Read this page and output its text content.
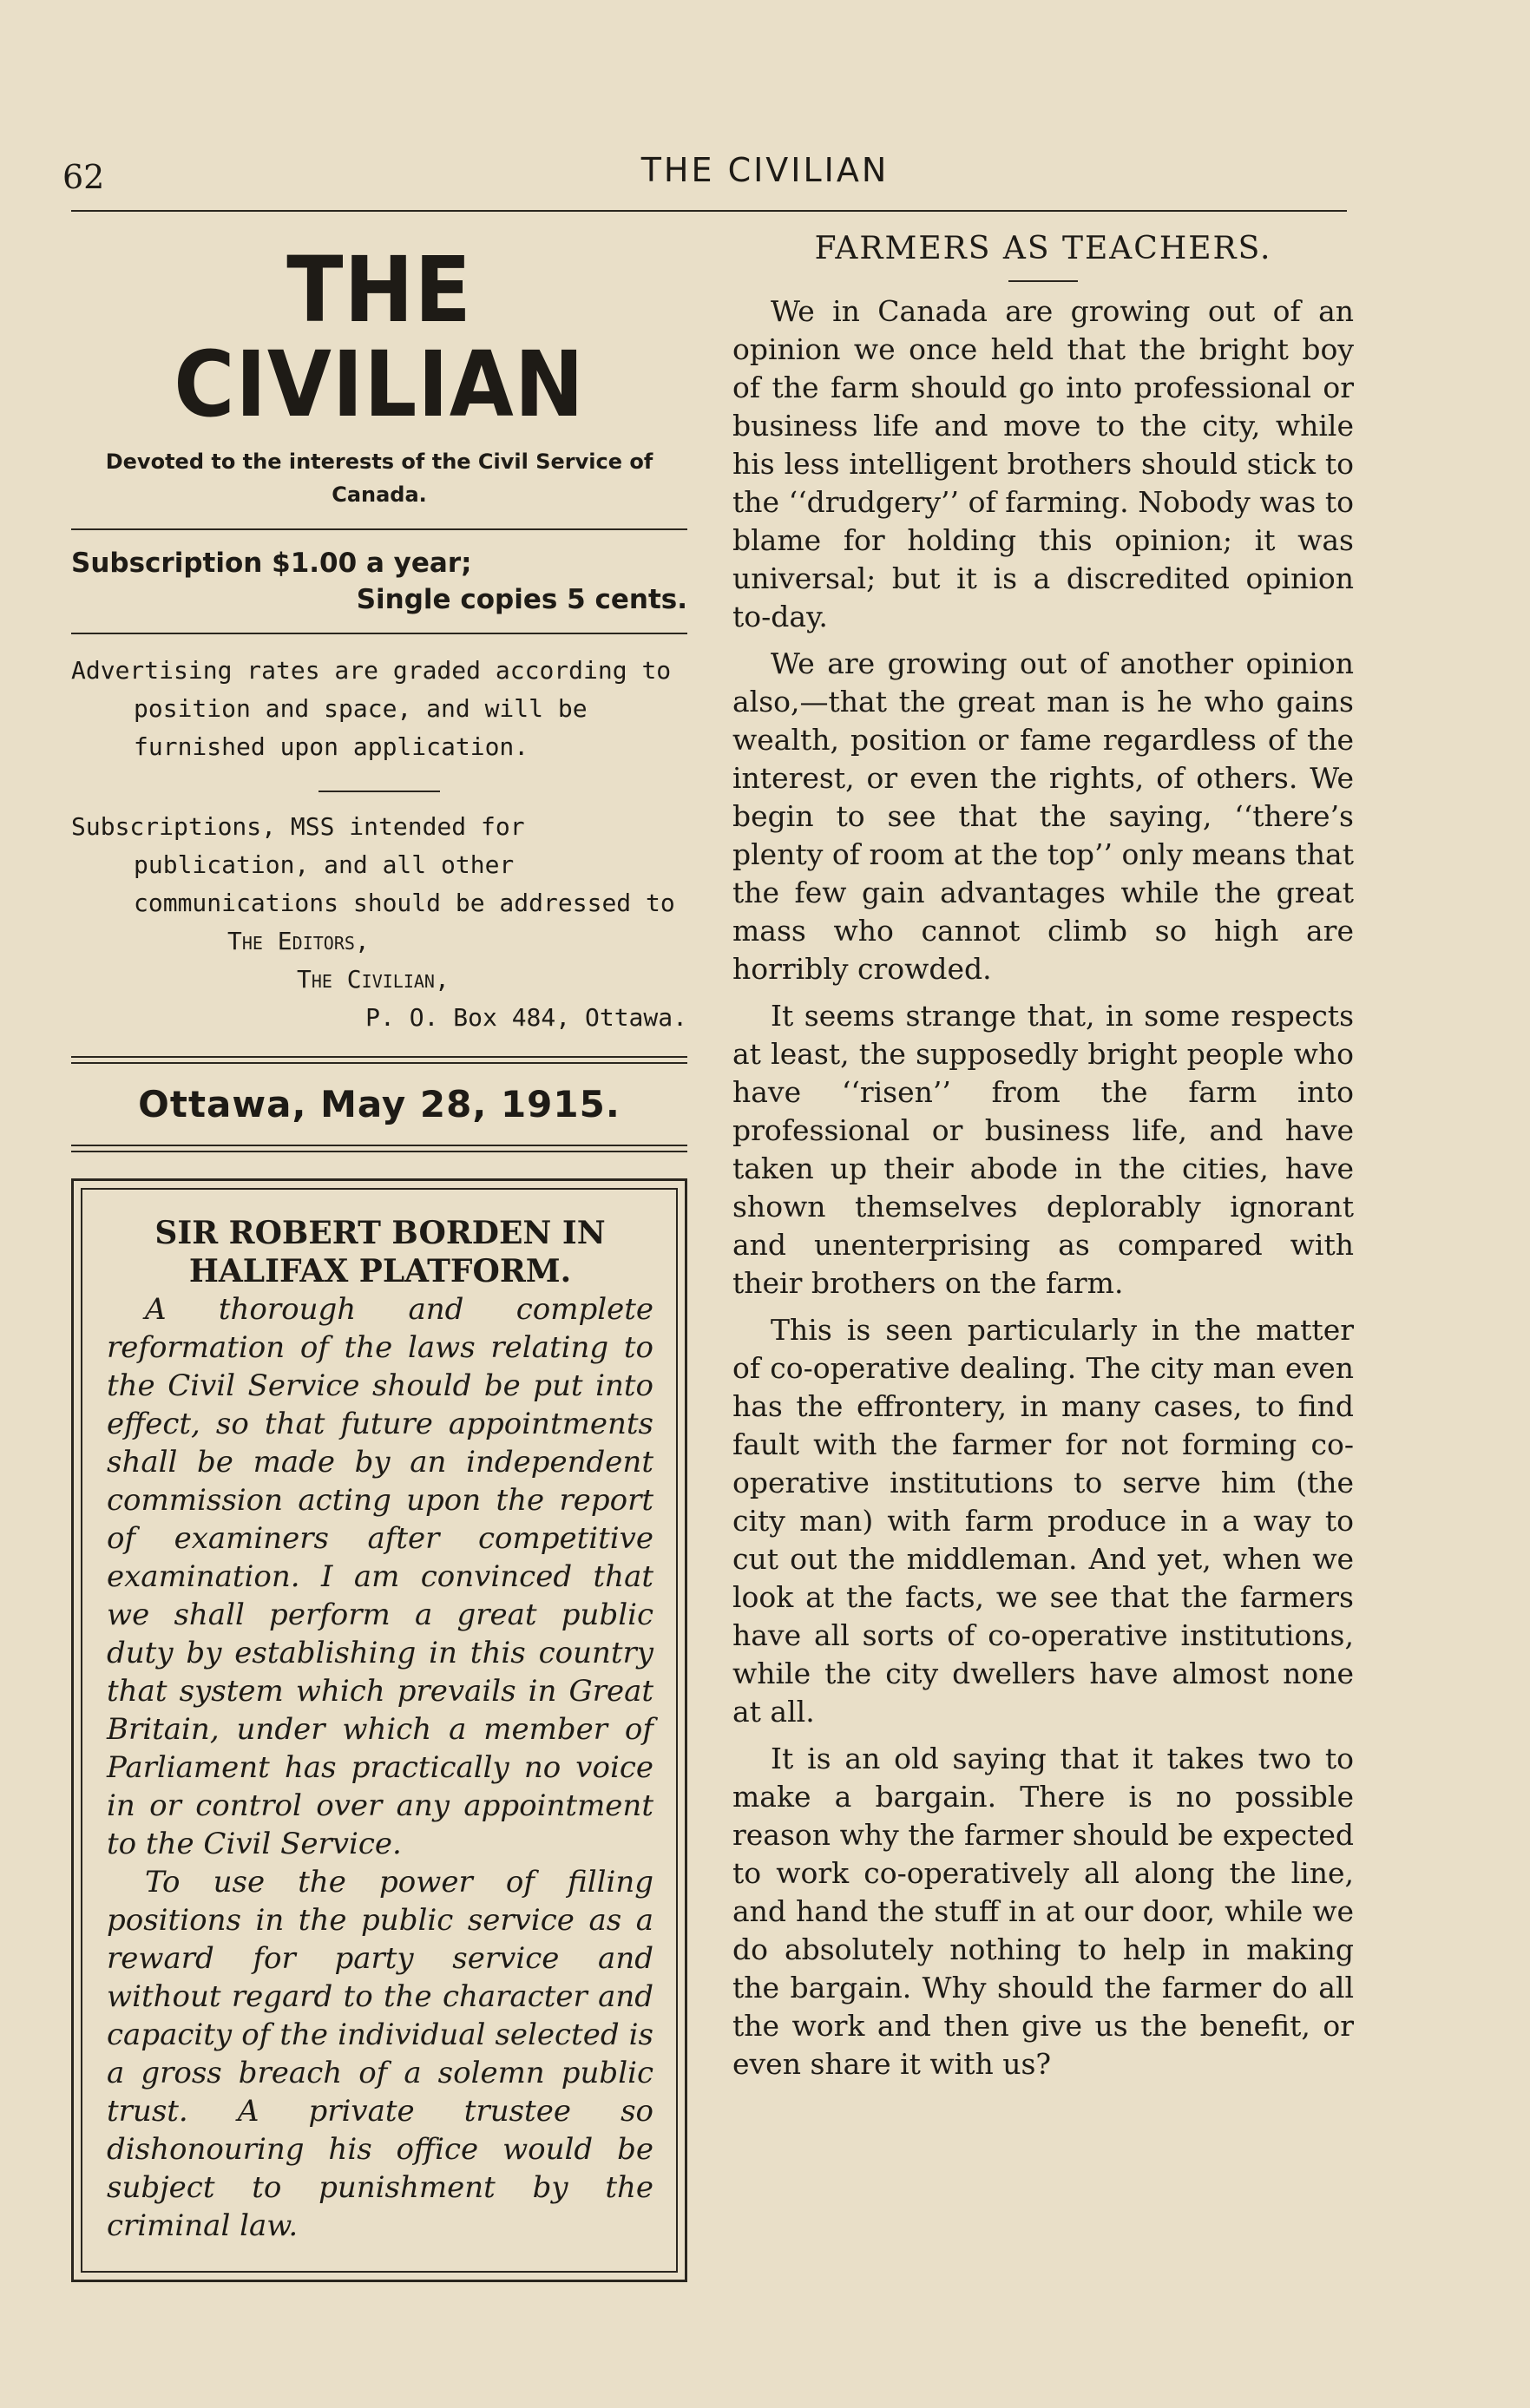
62	THE CIVILIAN
THE CIVILIAN
Devoted to the interests of the Civil Service of Canada.
Subscription $1.00 a year;
Single copies 5 cents.
Advertising rates are graded according to position and space, and will be furnished upon application.
Subscriptions, MSS intended for publication, and all other communications should be addressed to
The Editors,
The Civilian,
P. O. Box 484, Ottawa.
Ottawa, May 28, 1915.
SIR ROBERT BORDEN IN HALIFAX PLATFORM.

A thorough and complete reformation of the laws relating to the Civil Service should be put into effect, so that future appointments shall be made by an independent commission acting upon the report of examiners after competitive examination. I am convinced that we shall perform a great public duty by establishing in this country that system which prevails in Great Britain, under which a member of Parliament has practically no voice in or control over any appointment to the Civil Service.

To use the power of filling positions in the public service as a reward for party service and without regard to the character and capacity of the individual selected is a gross breach of a solemn public trust. A private trustee so dishonouring his office would be subject to punishment by the criminal law.

FARMERS AS TEACHERS.

We in Canada are growing out of an opinion we once held that the bright boy of the farm should go into professional or business life and move to the city, while his less intelligent brothers should stick to the ‘‘drudgery’’ of farming. Nobody was to blame for holding this opinion; it was universal; but it is a discredited opinion to-day.

We are growing out of another opinion also,—that the great man is he who gains wealth, position or fame regardless of the interest, or even the rights, of others. We begin to see that the saying, ‘‘there’s plenty of room at the top’’ only means that the few gain advantages while the great mass who cannot climb so high are horribly crowded.

It seems strange that, in some respects at least, the supposedly bright people who have ‘‘risen’’ from the farm into professional or business life, and have taken up their abode in the cities, have shown themselves deplorably ignorant and unenterprising as compared with their brothers on the farm.

This is seen particularly in the matter of co-operative dealing. The city man even has the effrontery, in many cases, to find fault with the farmer for not forming co-operative institutions to serve him (the city man) with farm produce in a way to cut out the middleman. And yet, when we look at the facts, we see that the farmers have all sorts of co-operative institutions, while the city dwellers have almost none at all.

It is an old saying that it takes two to make a bargain. There is no possible reason why the farmer should be expected to work co-operatively all along the line, and hand the stuff in at our door, while we do absolutely nothing to help in making the bargain. Why should the farmer do all the work and then give us the benefit, or even share it with us?
